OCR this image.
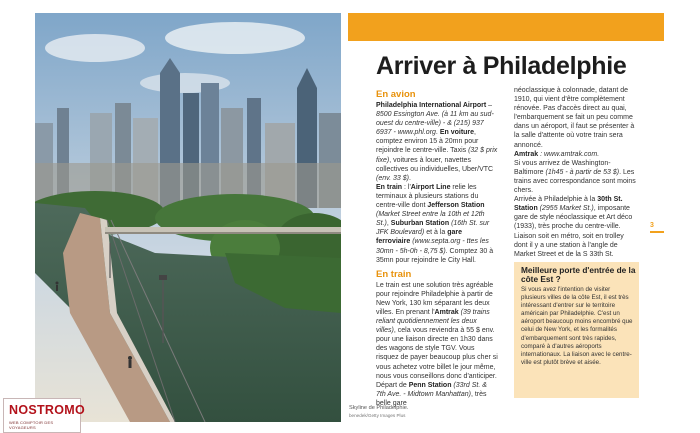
Skyline de Philadelphie.
benedek/Getty Images Plus
NOSTROMO
WEB COMPTOIR DES VOYAGEURS
Arriver à Philadelphie
En avion

Philadelphia International Airport – 8500 Essington Ave. (à 11 km au sud-ouest du centre-ville) - & (215) 937 6937 - www.phl.org. En voiture, comptez environ 15 à 20mn pour rejoindre le centre-ville. Taxis (32 $ prix fixe), voitures à louer, navettes collectives ou individuelles, Uber/VTC (env. 33 $).

En train : l'Airport Line relie les terminaux à plusieurs stations du centre-ville dont Jefferson Station (Market Street entre la 10th et 12th St.), Suburban Station (16th St. sur JFK Boulevard) et à la gare ferroviaire (www.septa.org - ttes les 30mn - 5h-0h - 8,75 $). Comptez 30 à 35mn pour rejoindre le City Hall.

En train

Le train est une solution très agréable pour rejoindre Philadelphie à partir de New York, 130 km séparant les deux villes. En prenant l'Amtrak (39 trains reliant quotidiennement les deux villes), cela vous reviendra à 55 $ env. pour une liaison directe en 1h30 dans des wagons de style TGV. Vous risquez de payer beaucoup plus cher si vous achetez votre billet le jour même, nous vous conseillons donc d'anticiper. Départ de Penn Station (33rd St. & 7th Ave. - Midtown Manhattan), très belle gare

néoclassique à colonnade, datant de 1910, qui vient d'être complètement rénovée. Pas d'accès direct au quai, l'embarquement se fait un peu comme dans un aéroport, il faut se présenter à la salle d'attente où votre train sera annoncé.

Amtrak : www.amtrak.com.

Si vous arrivez de Washington-Baltimore (1h45 - à partir de 53 $). Les trains avec correspondance sont moins chers.

Arrivée à Philadelphie à la 30th St. Station (2955 Market St.), imposante gare de style néoclassique et Art déco (1933), très proche du centre-ville. Liaison soit en métro, soit en trolley dont il y a une station à l'angle de Market Street et de la S 33th St.

Meilleure porte d'entrée de la côte Est ?
Si vous avez l'intention de visiter plusieurs villes de la côte Est, il est très intéressant d'entrer sur le territoire américain par Philadelphie. C'est un aéroport beaucoup moins encombré que celui de New York, et les formalités d'embarquement sont très rapides, comparé à d'autres aéroports internationaux. La liaison avec le centre-ville est plutôt brève et aisée.
3
